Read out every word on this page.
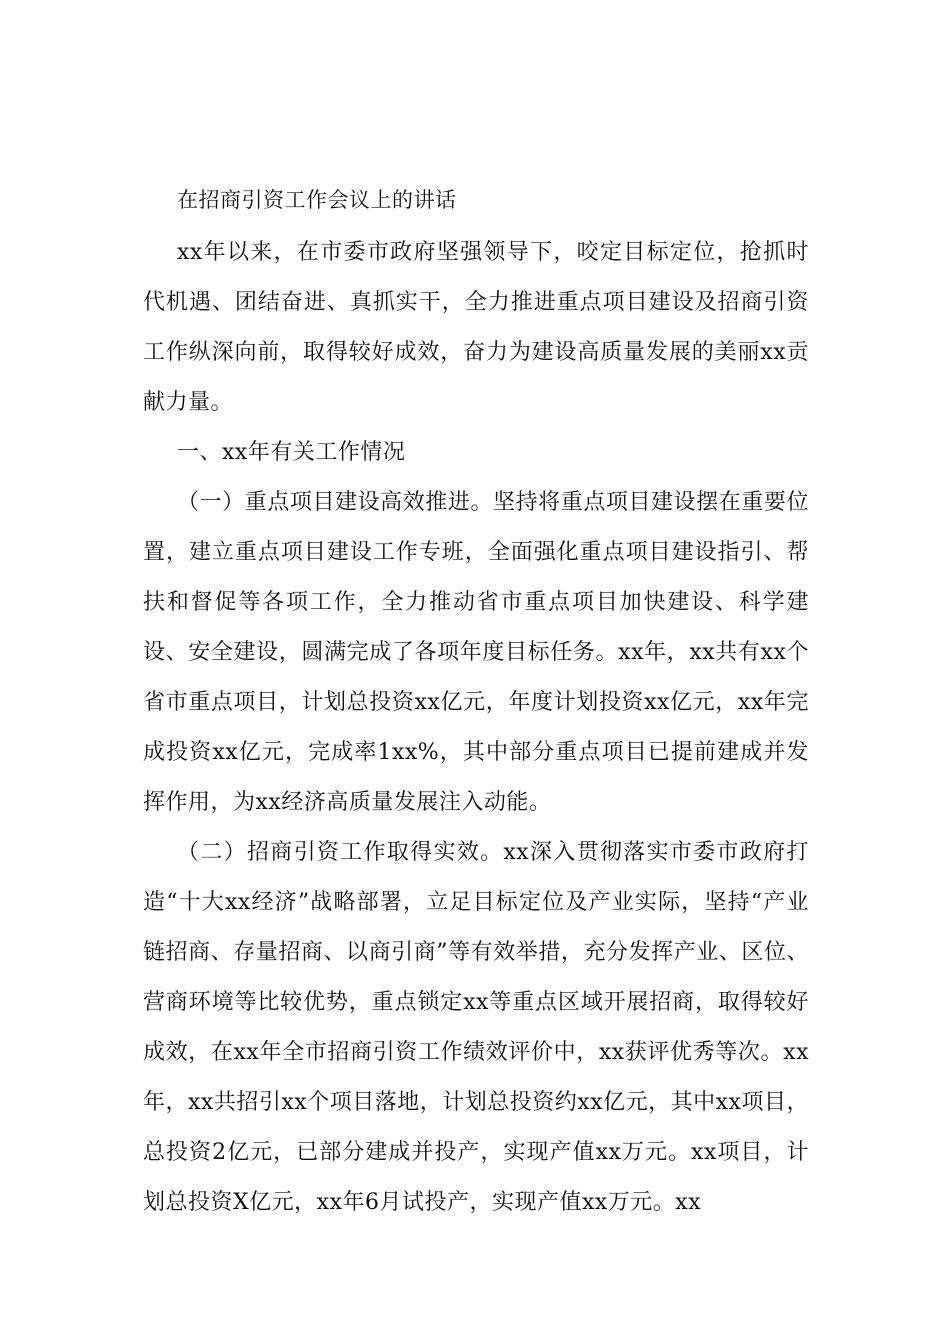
在招商引资工作会议上的讲话

xx年以来，在市委市政府坚强领导下，咬定目标定位，抢抓时代机遇、团结奋进、真抓实干，全力推进重点项目建设及招商引资工作纵深向前，取得较好成效，奋力为建设高质量发展的美丽xx贡献力量。

一、xx年有关工作情况

（一）重点项目建设高效推进。坚持将重点项目建设摆在重要位置，建立重点项目建设工作专班，全面强化重点项目建设指引、帮扶和督促等各项工作，全力推动省市重点项目加快建设、科学建设、安全建设，圆满完成了各项年度目标任务。xx年，xx共有xx个省市重点项目，计划总投资xx亿元，年度计划投资xx亿元，xx年完成投资xx亿元，完成率1xx%，其中部分重点项目已提前建成并发挥作用，为xx经济高质量发展注入动能。

（二）招商引资工作取得实效。xx深入贯彻落实市委市政府打造“十大xx经济”战略部署，立足目标定位及产业实际，坚持“产业链招商、存量招商、以商引商”等有效举措，充分发挥产业、区位、营商环境等比较优势，重点锁定xx等重点区域开展招商，取得较好成效，在xx年全市招商引资工作绩效评价中，xx获评优秀等次。xx年，xx共招引xx个项目落地，计划总投资约xx亿元，其中xx项目，总投资2亿元，已部分建成并投产，实现产值xx万元。xx项目，计划总投资X亿元，xx年6月试投产，实现产值xx万元。xx
